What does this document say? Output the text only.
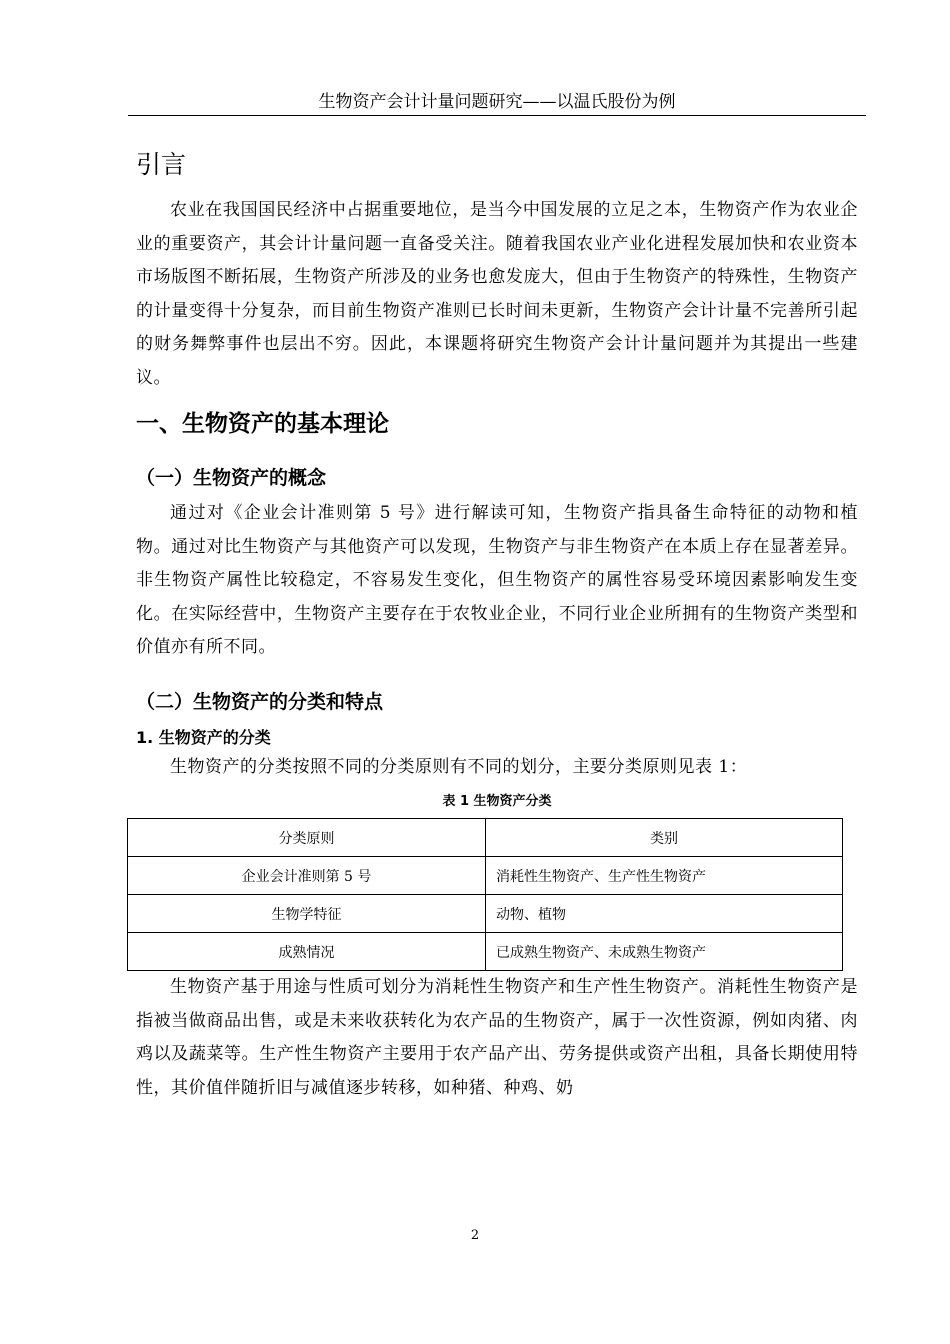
生物资产会计计量问题研究——以温氏股份为例
引言

农业在我国国民经济中占据重要地位，是当今中国发展的立足之本，生物资产作为农业企业的重要资产，其会计计量问题一直备受关注。随着我国农业产业化进程发展加快和农业资本市场版图不断拓展，生物资产所涉及的业务也愈发庞大，但由于生物资产的特殊性，生物资产的计量变得十分复杂，而目前生物资产准则已长时间未更新，生物资产会计计量不完善所引起的财务舞弊事件也层出不穷。因此，本课题将研究生物资产会计计量问题并为其提出一些建议。

一、生物资产的基本理论
（一）生物资产的概念

通过对《企业会计准则第 5 号》进行解读可知，生物资产指具备生命特征的动物和植物。通过对比生物资产与其他资产可以发现，生物资产与非生物资产在本质上存在显著差异。非生物资产属性比较稳定，不容易发生变化，但生物资产的属性容易受环境因素影响发生变化。在实际经营中，生物资产主要存在于农牧业企业，不同行业企业所拥有的生物资产类型和价值亦有所不同。

（二）生物资产的分类和特点
1. 生物资产的分类

生物资产的分类按照不同的分类原则有不同的划分，主要分类原则见表 1：

表 1 生物资产分类
分类原则	类别
企业会计准则第 5 号	消耗性生物资产、生产性生物资产
生物学特征	动物、植物
成熟情况	已成熟生物资产、未成熟生物资产

生物资产基于用途与性质可划分为消耗性生物资产和生产性生物资产。消耗性生物资产是指被当做商品出售，或是未来收获转化为农产品的生物资产，属于一次性资源，例如肉猪、肉鸡以及蔬菜等。生产性生物资产主要用于农产品产出、劳务提供或资产出租，具备长期使用特性，其价值伴随折旧与减值逐步转移，如种猪、种鸡、奶

2
